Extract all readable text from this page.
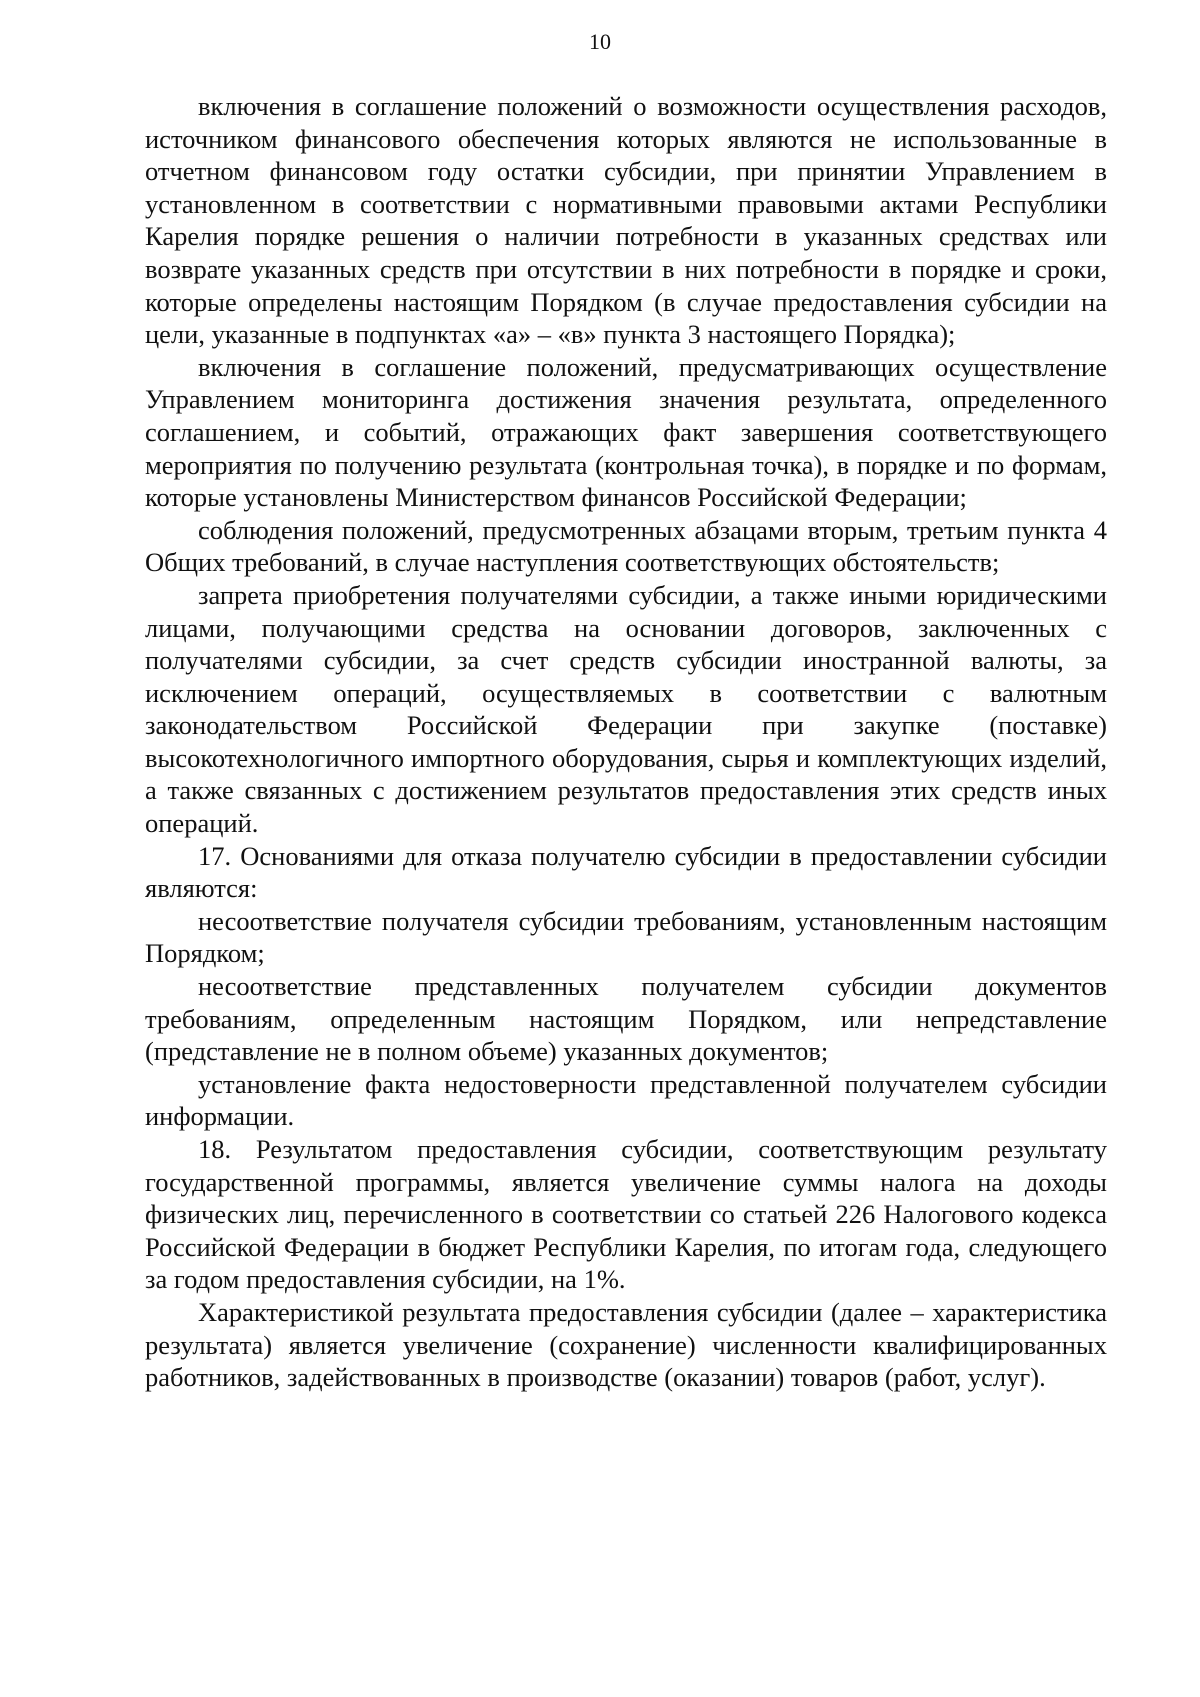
10

включения в соглашение положений о возможности осуществления расходов, источником финансового обеспечения которых являются не использованные в отчетном финансовом году остатки субсидии, при принятии Управлением в установленном в соответствии с нормативными правовыми актами Республики Карелия порядке решения о наличии потребности в указанных средствах или возврате указанных средств при отсутствии в них потребности в порядке и сроки, которые определены настоящим Порядком (в случае предоставления субсидии на цели, указанные в подпунктах «а» – «в» пункта 3 настоящего Порядка);

включения в соглашение положений, предусматривающих осуществление Управлением мониторинга достижения значения результата, определенного соглашением, и событий, отражающих факт завершения соответствующего мероприятия по получению результата (контрольная точка), в порядке и по формам, которые установлены Министерством финансов Российской Федерации;

соблюдения положений, предусмотренных абзацами вторым, третьим пункта 4 Общих требований, в случае наступления соответствующих обстоятельств;

запрета приобретения получателями субсидии, а также иными юридическими лицами, получающими средства на основании договоров, заключенных с получателями субсидии, за счет средств субсидии иностранной валюты, за исключением операций, осуществляемых в соответствии с валютным законодательством Российской Федерации при закупке (поставке) высокотехнологичного импортного оборудования, сырья и комплектующих изделий, а также связанных с достижением результатов предоставления этих средств иных операций.

17. Основаниями для отказа получателю субсидии в предоставлении субсидии являются:

несоответствие получателя субсидии требованиям, установленным настоящим Порядком;

несоответствие представленных получателем субсидии документов требованиям, определенным настоящим Порядком, или непредставление (представление не в полном объеме) указанных документов;

установление факта недостоверности представленной получателем субсидии информации.

18. Результатом предоставления субсидии, соответствующим результату государственной программы, является увеличение суммы налога на доходы физических лиц, перечисленного в соответствии со статьей 226 Налогового кодекса Российской Федерации в бюджет Республики Карелия, по итогам года, следующего за годом предоставления субсидии, на 1%.

Характеристикой результата предоставления субсидии (далее – характеристика результата) является увеличение (сохранение) численности квалифицированных работников, задействованных в производстве (оказании) товаров (работ, услуг).
